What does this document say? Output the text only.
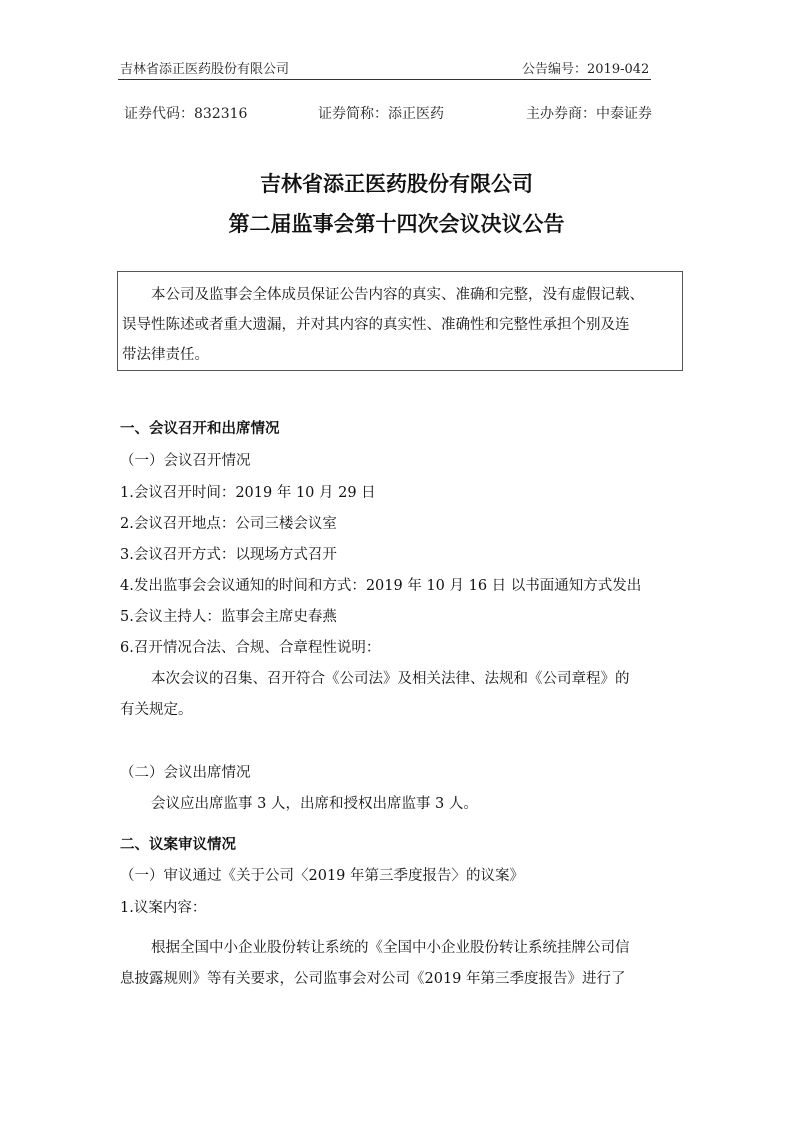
吉林省添正医药股份有限公司	公告编号：2019-042
证券代码：832316	证券简称：添正医药	主办券商：中泰证券
吉林省添正医药股份有限公司
第二届监事会第十四次会议决议公告
本公司及监事会全体成员保证公告内容的真实、准确和完整，没有虚假记载、
误导性陈述或者重大遗漏，并对其内容的真实性、准确性和完整性承担个别及连
带法律责任。
一、会议召开和出席情况
（一）会议召开情况
1.会议召开时间：2019 年 10 月 29 日
2.会议召开地点：公司三楼会议室
3.会议召开方式：以现场方式召开
4.发出监事会会议通知的时间和方式：2019 年 10 月 16 日 以书面通知方式发出
5.会议主持人：监事会主席史春燕
6.召开情况合法、合规、合章程性说明：
本次会议的召集、召开符合《公司法》及相关法律、法规和《公司章程》的
有关规定。
（二）会议出席情况
会议应出席监事 3 人，出席和授权出席监事 3 人。
二、议案审议情况
（一）审议通过《关于公司〈2019 年第三季度报告〉的议案》
1.议案内容：
根据全国中小企业股份转让系统的《全国中小企业股份转让系统挂牌公司信
息披露规则》等有关要求，公司监事会对公司《2019 年第三季度报告》进行了
